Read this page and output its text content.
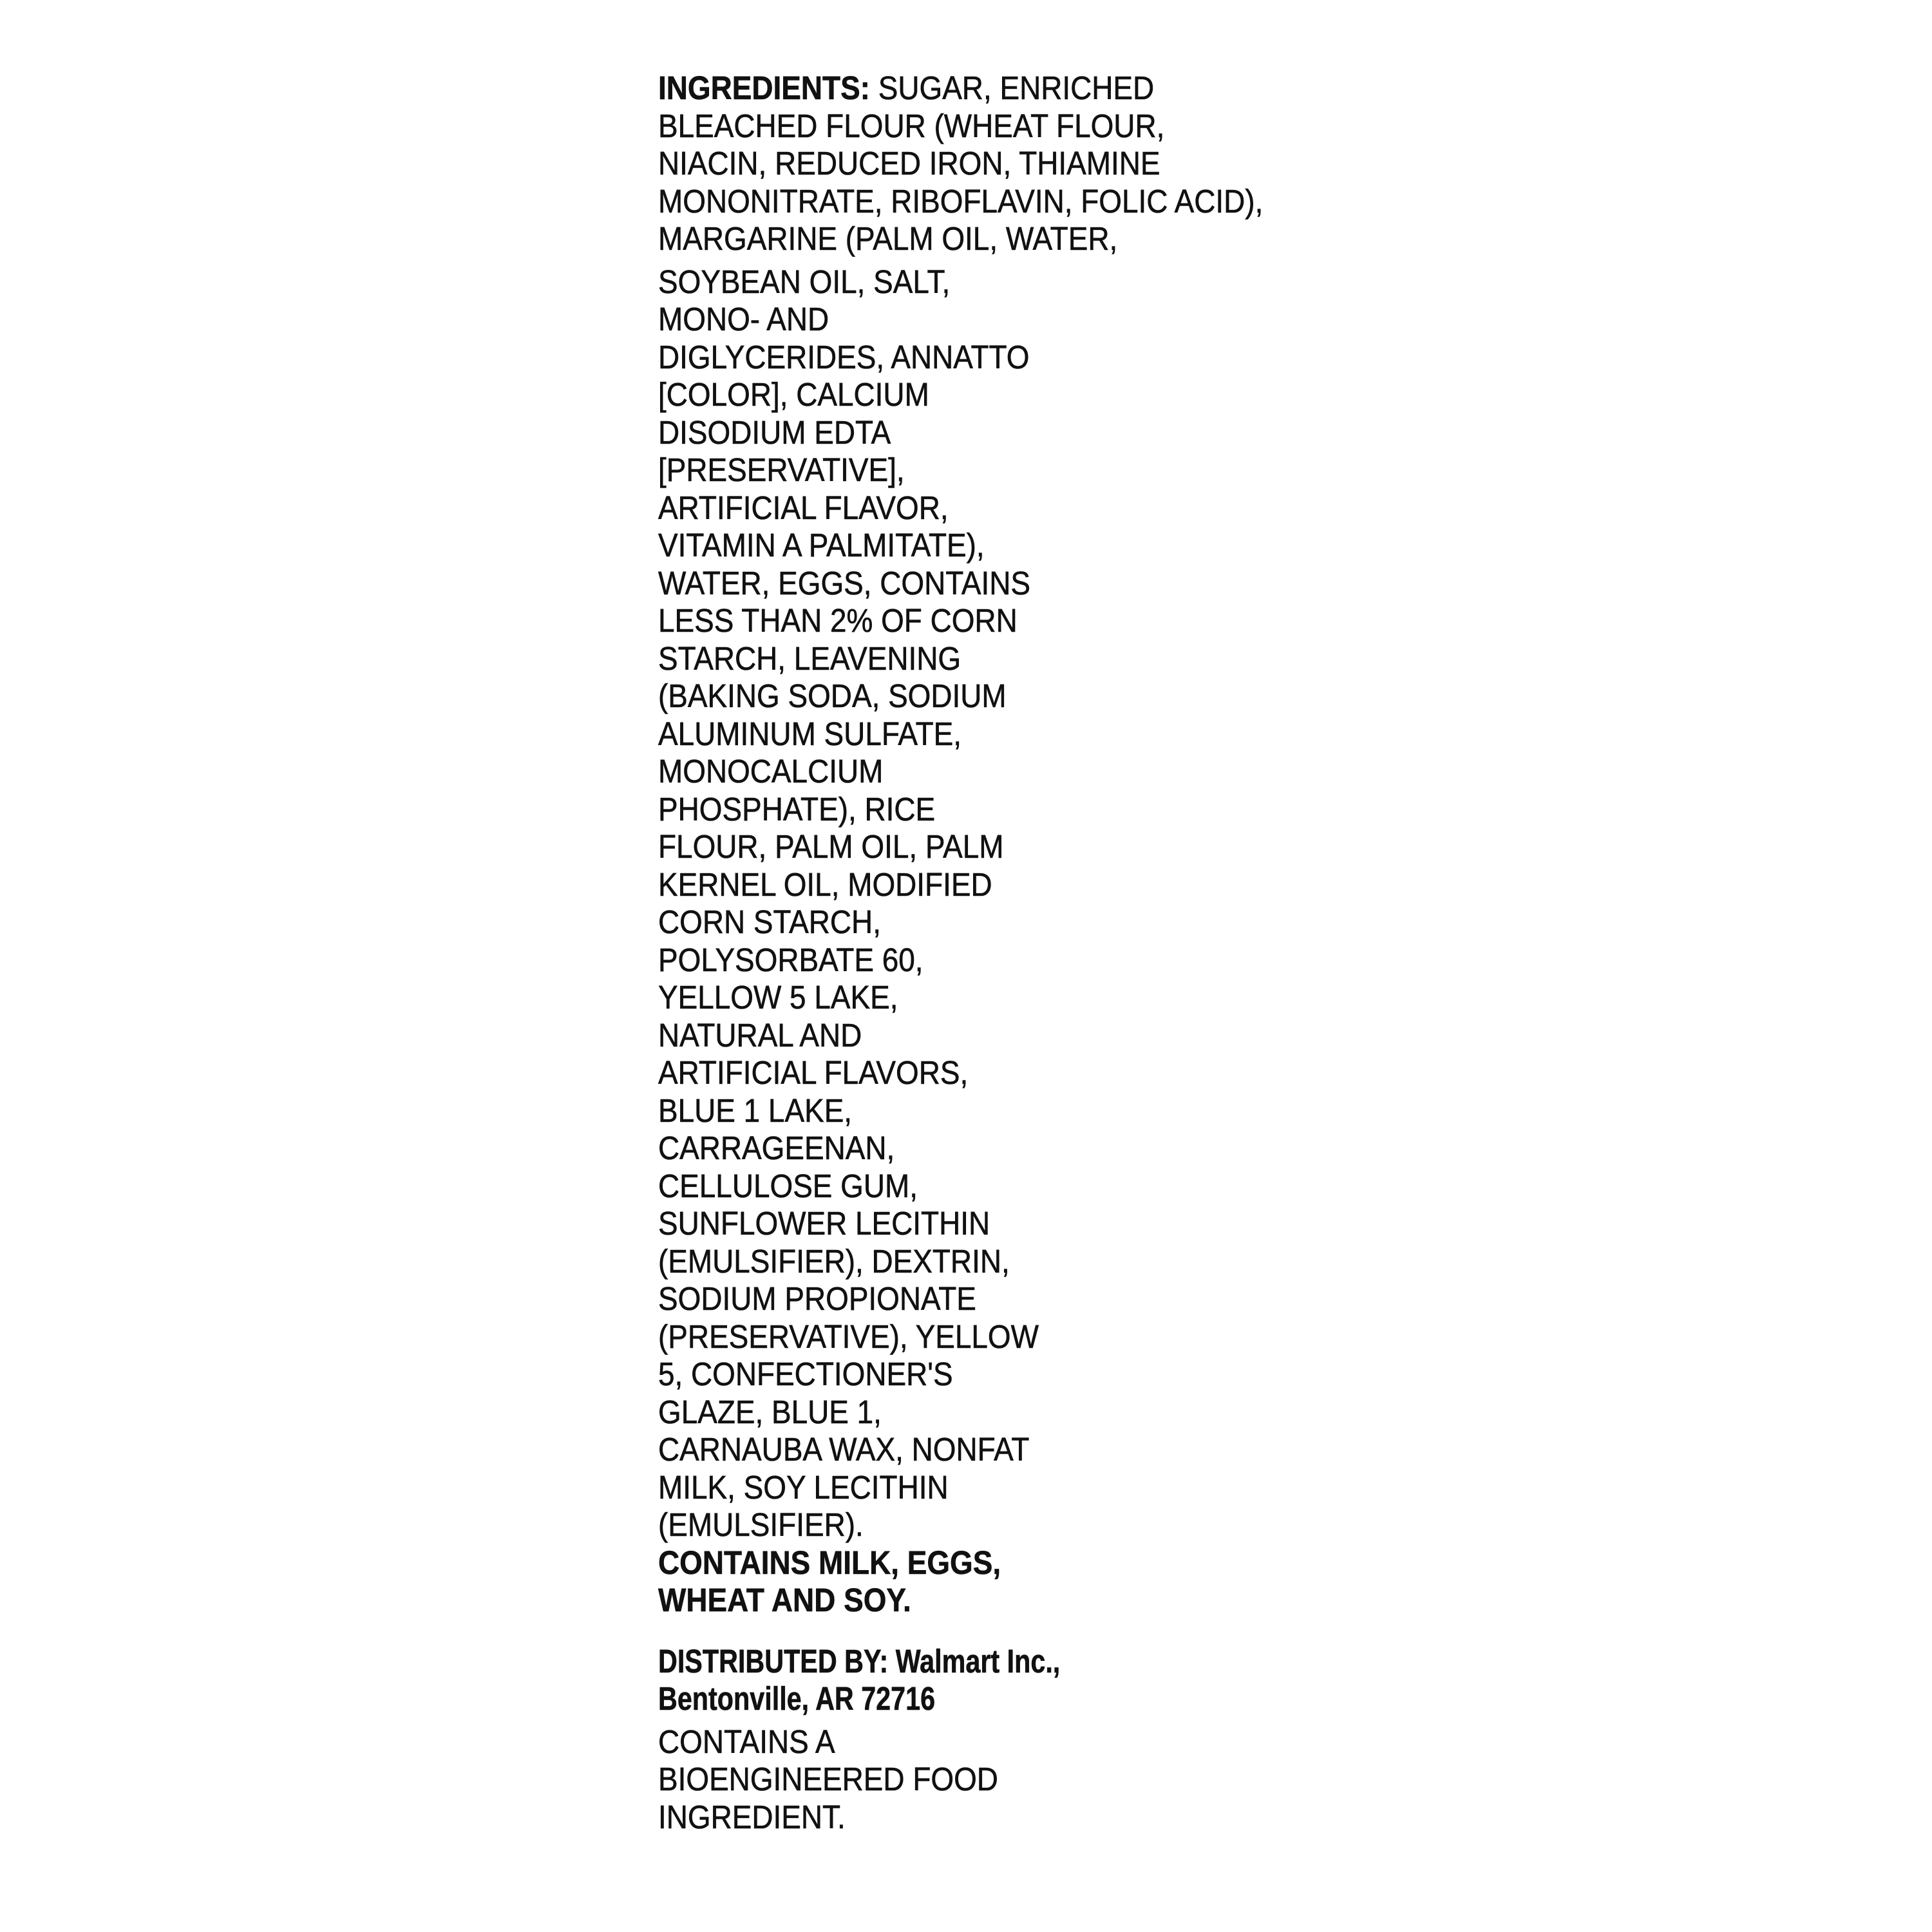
INGREDIENTS: SUGAR, ENRICHED
BLEACHED FLOUR (WHEAT FLOUR,
NIACIN, REDUCED IRON, THIAMINE
MONONITRATE, RIBOFLAVIN, FOLIC ACID),
MARGARINE (PALM OIL, WATER,
SOYBEAN OIL, SALT,
MONO- AND
DIGLYCERIDES, ANNATTO
[COLOR], CALCIUM
DISODIUM EDTA
[PRESERVATIVE],
ARTIFICIAL FLAVOR,
VITAMIN A PALMITATE),
WATER, EGGS, CONTAINS
LESS THAN 2% OF CORN
STARCH, LEAVENING
(BAKING SODA, SODIUM
ALUMINUM SULFATE,
MONOCALCIUM
PHOSPHATE), RICE
FLOUR, PALM OIL, PALM
KERNEL OIL, MODIFIED
CORN STARCH,
POLYSORBATE 60,
YELLOW 5 LAKE,
NATURAL AND
ARTIFICIAL FLAVORS,
BLUE 1 LAKE,
CARRAGEENAN,
CELLULOSE GUM,
SUNFLOWER LECITHIN
(EMULSIFIER), DEXTRIN,
SODIUM PROPIONATE
(PRESERVATIVE), YELLOW
5, CONFECTIONER'S
GLAZE, BLUE 1,
CARNAUBA WAX, NONFAT
MILK, SOY LECITHIN
(EMULSIFIER).
CONTAINS MILK, EGGS,
WHEAT AND SOY.
DISTRIBUTED BY: Walmart Inc.,
Bentonville, AR 72716
CONTAINS A
BIOENGINEERED FOOD
INGREDIENT.
